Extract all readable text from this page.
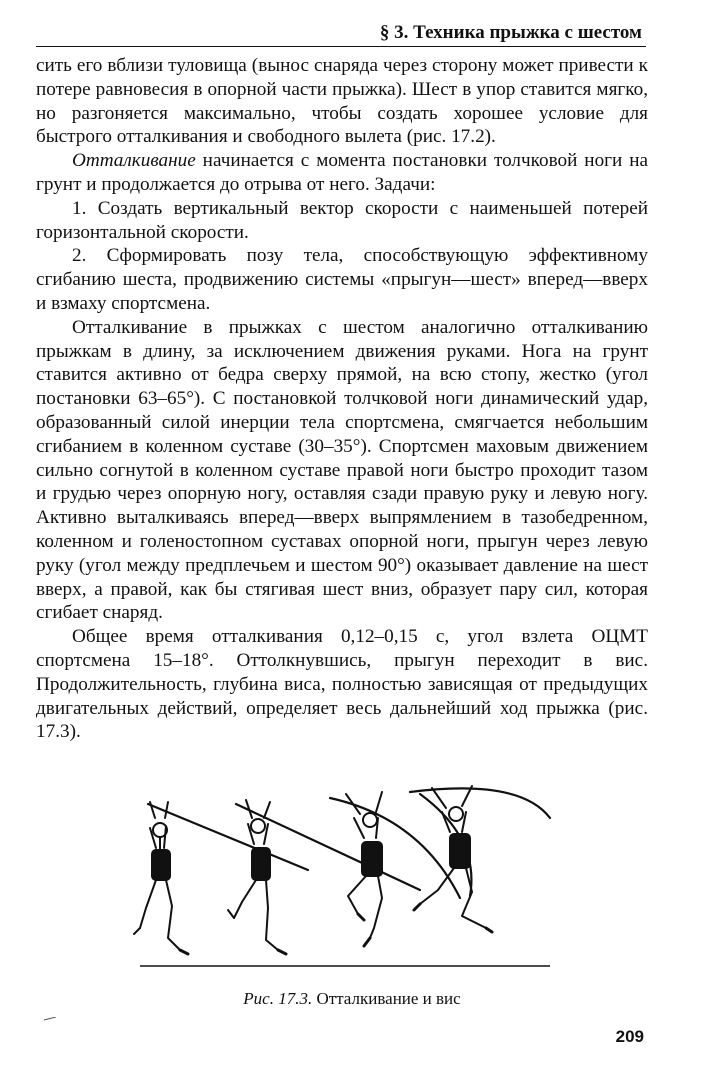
§ 3. Техника прыжка с шестом

сить его вблизи туловища (вынос снаряда через сторону может привести к потере равновесия в опорной части прыжка). Шест в упор ставится мягко, но разгоняется максимально, чтобы создать хорошее условие для быстрого отталкивания и свободного вылета (рис. 17.2).

Отталкивание начинается с момента постановки толчковой ноги на грунт и продолжается до отрыва от него. Задачи:

1. Создать вертикальный вектор скорости с наименьшей потерей горизонтальной скорости.

2. Сформировать позу тела, способствующую эффективному сгибанию шеста, продвижению системы «прыгун—шест» вперед—вверх и взмаху спортсмена.

Отталкивание в прыжках с шестом аналогично отталкиванию прыжкам в длину, за исключением движения руками. Нога на грунт ставится активно от бедра сверху прямой, на всю стопу, жестко (угол постановки 63–65°). С постановкой толчковой ноги динамический удар, образованный силой инерции тела спортсмена, смягчается небольшим сгибанием в коленном суставе (30–35°). Спортсмен маховым движением сильно согнутой в коленном суставе правой ноги быстро проходит тазом и грудью через опорную ногу, оставляя сзади правую руку и левую ногу. Активно выталкиваясь вперед—вверх выпрямлением в тазобедренном, коленном и голеностопном суставах опорной ноги, прыгун через левую руку (угол между предплечьем и шестом 90°) оказывает давление на шест вверх, а правой, как бы стягивая шест вниз, образует пару сил, которая сгибает снаряд.

Общее время отталкивания 0,12–0,15 с, угол взлета ОЦМТ спортсмена 15–18°. Оттолкнувшись, прыгун переходит в вис. Продолжительность, глубина виса, полностью зависящая от предыдущих двигательных действий, определяет весь дальнейший ход прыжка (рис. 17.3).

Рис. 17.3. Отталкивание и вис
209
